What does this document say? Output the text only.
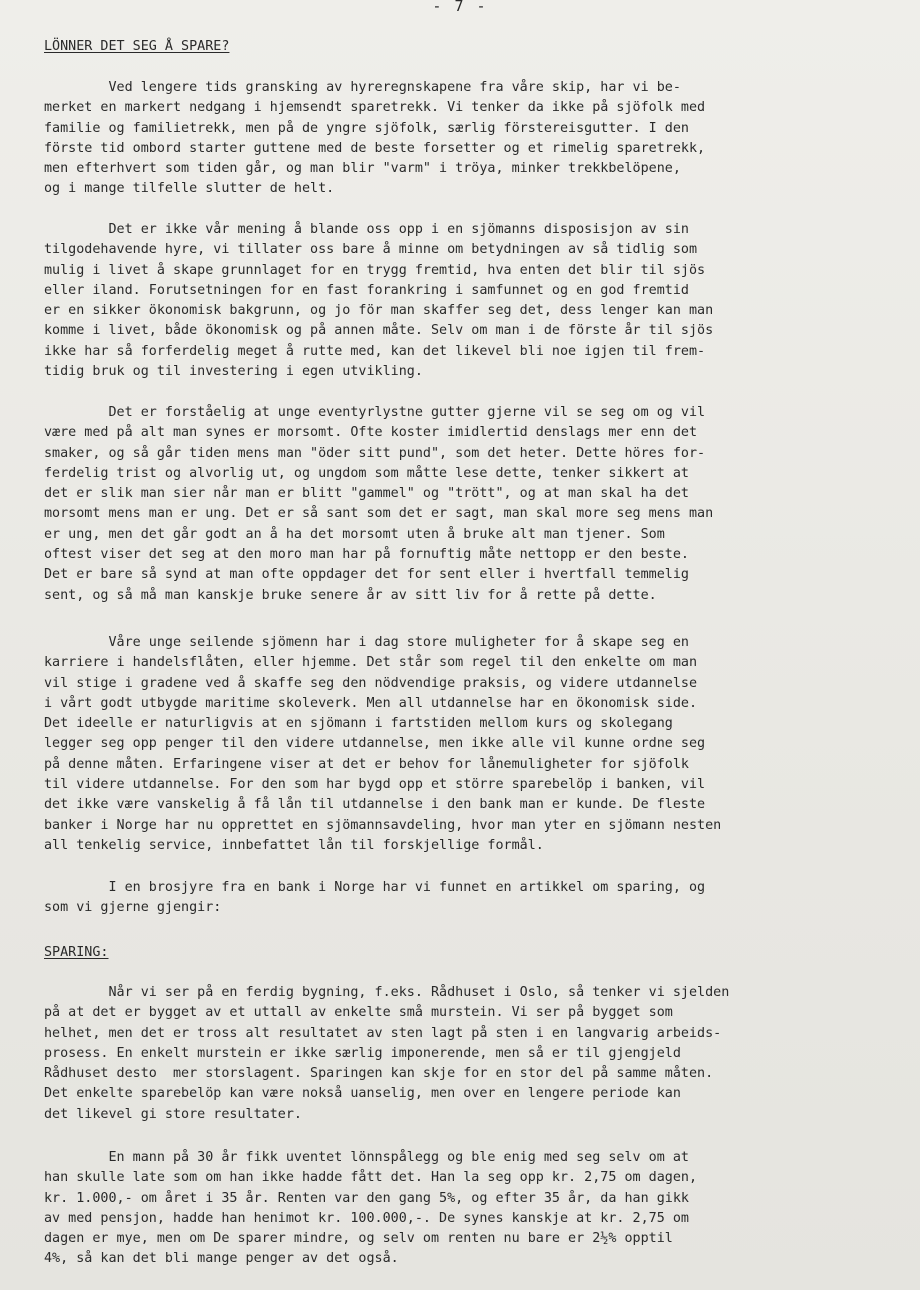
- 7 -
LÖNNER DET SEG Å SPARE?

Ved lengere tids gransking av hyreregnskapene fra våre skip, har vi be-
merket en markert nedgang i hjemsendt sparetrekk. Vi tenker da ikke på sjöfolk med
familie og familietrekk, men på de yngre sjöfolk, særlig förstereisgutter. I den
förste tid ombord starter guttene med de beste forsetter og et rimelig sparetrekk,
men efterhvert som tiden går, og man blir "varm" i tröya, minker trekkbelöpene,
og i mange tilfelle slutter de helt.

Det er ikke vår mening å blande oss opp i en sjömanns disposisjon av sin
tilgodehavende hyre, vi tillater oss bare å minne om betydningen av så tidlig som
mulig i livet å skape grunnlaget for en trygg fremtid, hva enten det blir til sjös
eller iland. Forutsetningen for en fast forankring i samfunnet og en god fremtid
er en sikker ökonomisk bakgrunn, og jo för man skaffer seg det, dess lenger kan man
komme i livet, både ökonomisk og på annen måte. Selv om man i de förste år til sjös
ikke har så forferdelig meget å rutte med, kan det likevel bli noe igjen til frem-
tidig bruk og til investering i egen utvikling.

Det er forståelig at unge eventyrlystne gutter gjerne vil se seg om og vil
være med på alt man synes er morsomt. Ofte koster imidlertid denslags mer enn det
smaker, og så går tiden mens man "öder sitt pund", som det heter. Dette höres for-
ferdelig trist og alvorlig ut, og ungdom som måtte lese dette, tenker sikkert at
det er slik man sier når man er blitt "gammel" og "trött", og at man skal ha det
morsomt mens man er ung. Det er så sant som det er sagt, man skal more seg mens man
er ung, men det går godt an å ha det morsomt uten å bruke alt man tjener. Som
oftest viser det seg at den moro man har på fornuftig måte nettopp er den beste.
Det er bare så synd at man ofte oppdager det for sent eller i hvertfall temmelig
sent, og så må man kanskje bruke senere år av sitt liv for å rette på dette.

Våre unge seilende sjömenn har i dag store muligheter for å skape seg en
karriere i handelsflåten, eller hjemme. Det står som regel til den enkelte om man
vil stige i gradene ved å skaffe seg den nödvendige praksis, og videre utdannelse
i vårt godt utbygde maritime skoleverk. Men all utdannelse har en ökonomisk side.
Det ideelle er naturligvis at en sjömann i fartstiden mellom kurs og skolegang
legger seg opp penger til den videre utdannelse, men ikke alle vil kunne ordne seg
på denne måten. Erfaringene viser at det er behov for lånemuligheter for sjöfolk
til videre utdannelse. For den som har bygd opp et större sparebelöp i banken, vil
det ikke være vanskelig å få lån til utdannelse i den bank man er kunde. De fleste
banker i Norge har nu opprettet en sjömannsavdeling, hvor man yter en sjömann nesten
all tenkelig service, innbefattet lån til forskjellige formål.

I en brosjyre fra en bank i Norge har vi funnet en artikkel om sparing, og
som vi gjerne gjengir:

SPARING:

Når vi ser på en ferdig bygning, f.eks. Rådhuset i Oslo, så tenker vi sjelden
på at det er bygget av et uttall av enkelte små murstein. Vi ser på bygget som
helhet, men det er tross alt resultatet av sten lagt på sten i en langvarig arbeids-
prosess. En enkelt murstein er ikke særlig imponerende, men så er til gjengjeld
Rådhuset desto  mer storslagent. Sparingen kan skje for en stor del på samme måten.
Det enkelte sparebelöp kan være nokså uanselig, men over en lengere periode kan
det likevel gi store resultater.

En mann på 30 år fikk uventet lönnspålegg og ble enig med seg selv om at
han skulle late som om han ikke hadde fått det. Han la seg opp kr. 2,75 om dagen,
kr. 1.000,- om året i 35 år. Renten var den gang 5%, og efter 35 år, da han gikk
av med pensjon, hadde han henimot kr. 100.000,-. De synes kanskje at kr. 2,75 om
dagen er mye, men om De sparer mindre, og selv om renten nu bare er 2½% opptil
4%, så kan det bli mange penger av det også.
